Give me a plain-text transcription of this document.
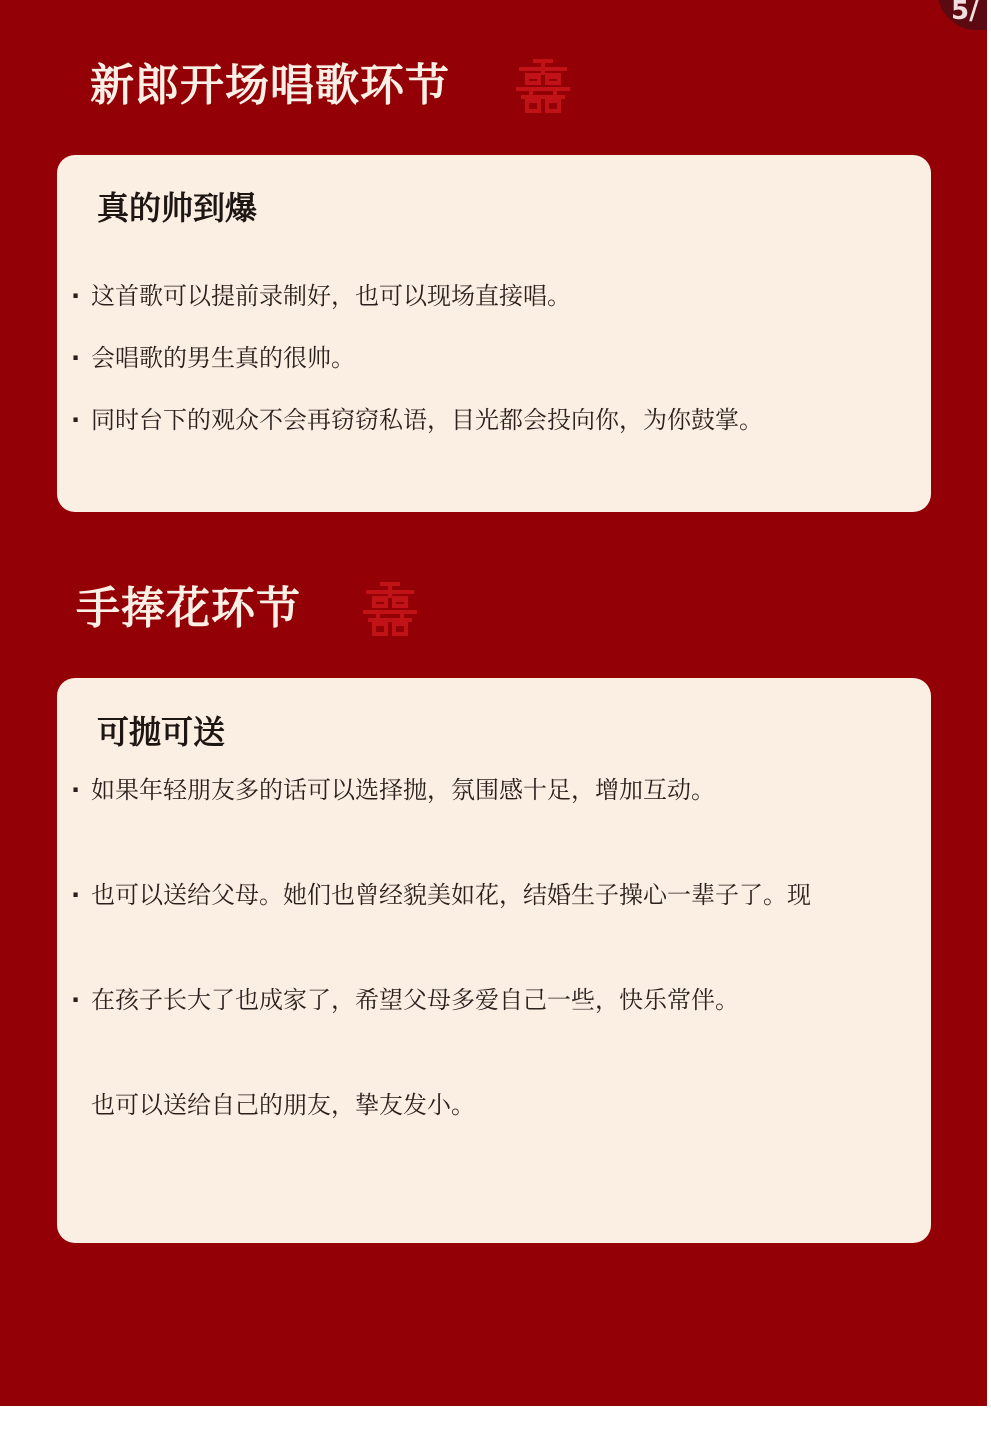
5/
新郎开场唱歌环节
真的帅到爆
· 这首歌可以提前录制好，也可以现场直接唱。
· 会唱歌的男生真的很帅。
· 同时台下的观众不会再窃窃私语，目光都会投向你，为你鼓掌。
手捧花环节
可抛可送
· 如果年轻朋友多的话可以选择抛，氛围感十足，增加互动。
· 也可以送给父母。她们也曾经貌美如花，结婚生子操心一辈子了。现
· 在孩子长大了也成家了，希望父母多爱自己一些，快乐常伴。
也可以送给自己的朋友，挚友发小。
